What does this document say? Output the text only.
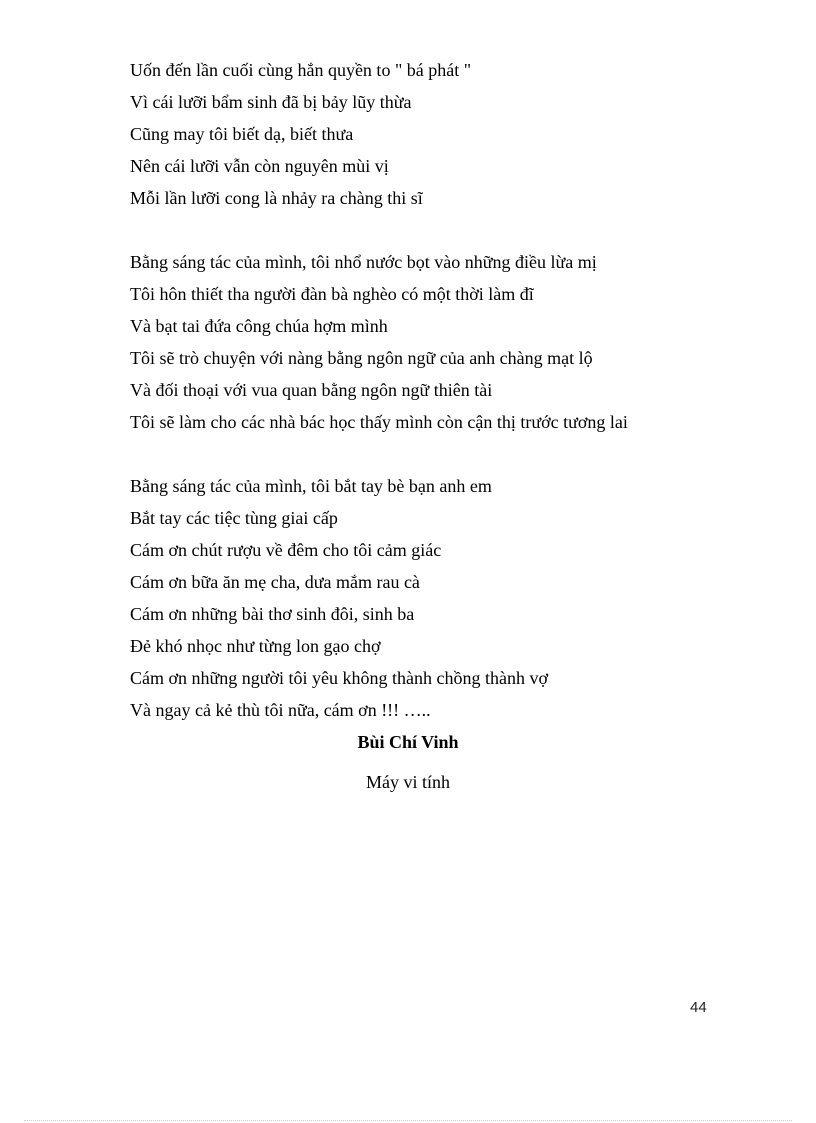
Uốn đến lần cuối cùng hắn quyền to " bá phát "
Vì cái lưỡi bẩm sinh đã bị bảy lũy thừa
Cũng may tôi biết dạ, biết thưa
Nên cái lưỡi vẫn còn nguyên mùi vị
Mỗi lần lưỡi cong là nhảy ra chàng thi sĩ
Bằng sáng tác của mình, tôi nhổ nước bọt vào những điều lừa mị
Tôi hôn thiết tha người đàn bà nghèo có một thời làm đĩ
Và bạt tai đứa công chúa hợm mình
Tôi sẽ trò chuyện với nàng bằng ngôn ngữ của anh chàng mạt lộ
Và đối thoại với vua quan bằng ngôn ngữ thiên tài
Tôi sẽ làm cho các nhà bác học thấy mình còn cận thị trước tương lai
Bằng sáng tác của mình, tôi bắt tay bè bạn anh em
Bắt tay các tiệc tùng giai cấp
Cám ơn chút rượu về đêm cho tôi cảm giác
Cám ơn bữa ăn mẹ cha, dưa mắm rau cà
Cám ơn những bài thơ sinh đôi, sinh ba
Đẻ khó nhọc như từng lon gạo chợ
Cám ơn những người tôi yêu không thành chồng thành vợ
Và ngay cả kẻ thù tôi nữa, cám ơn !!! …..
Bùi Chí Vinh
Máy vi tính
44
